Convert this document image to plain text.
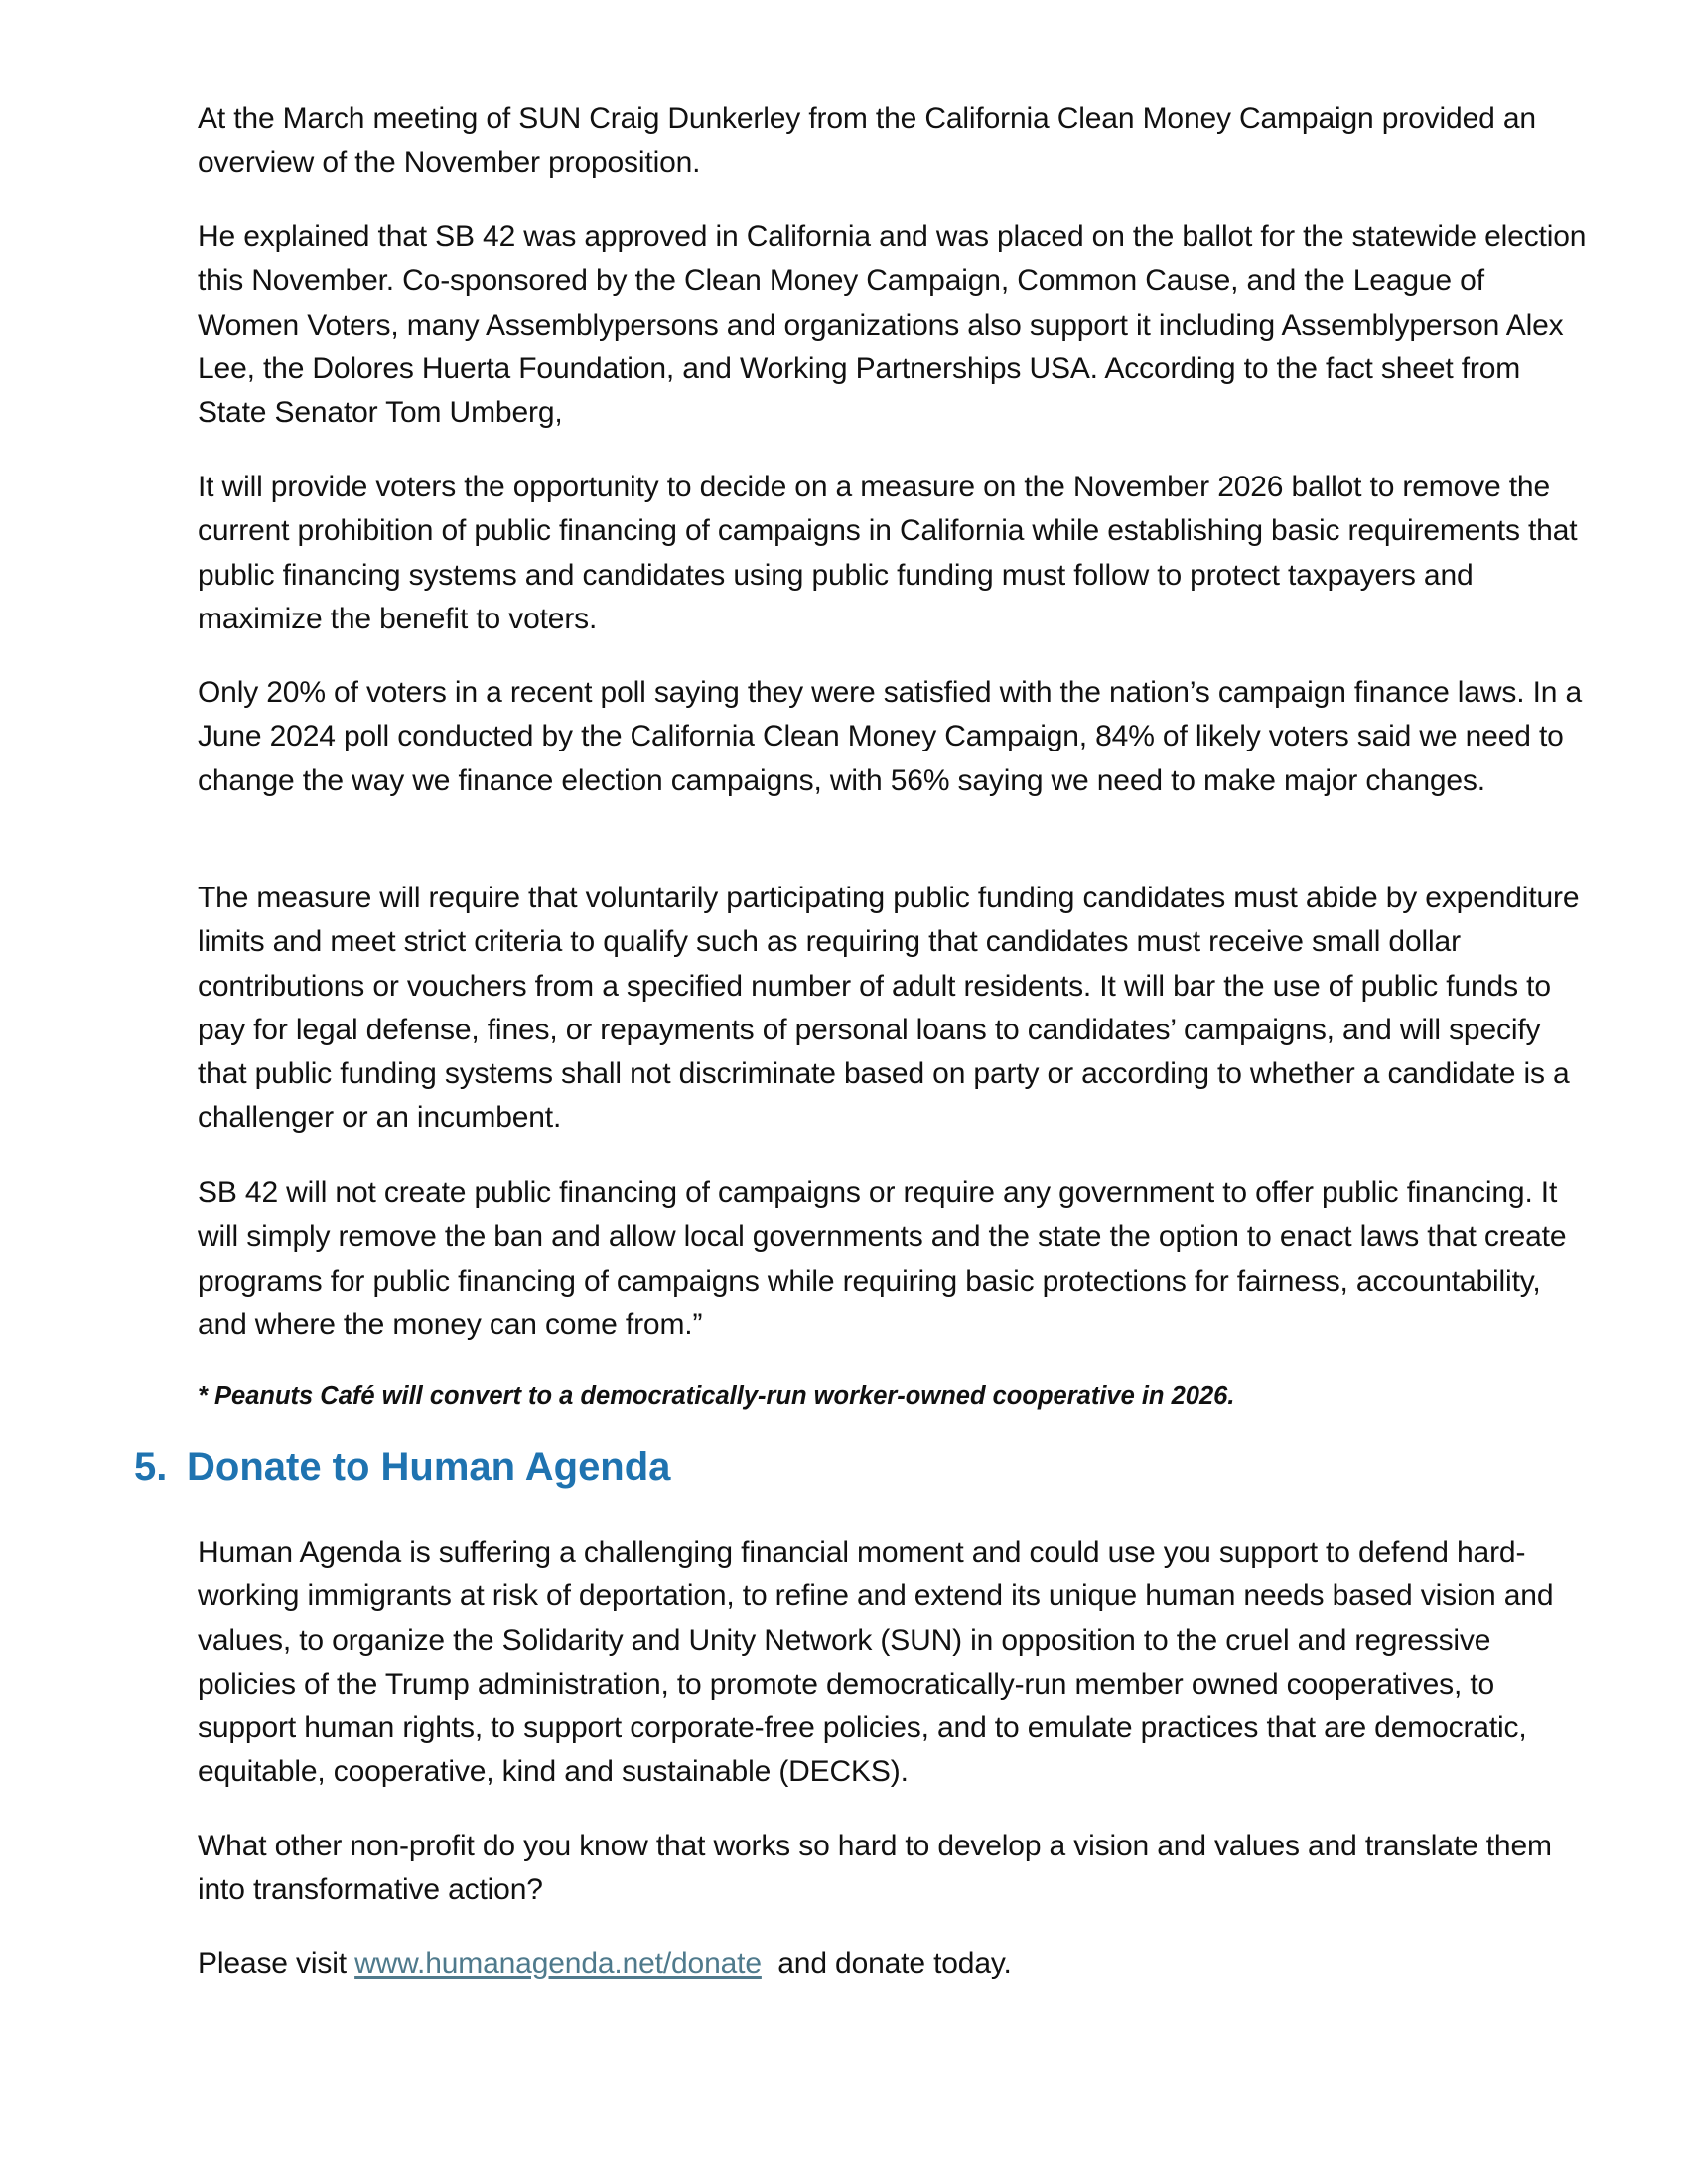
At the March meeting of SUN Craig Dunkerley from the California Clean Money Campaign provided an overview of the November proposition.

He explained that SB 42 was approved in California and was placed on the ballot for the statewide election this November. Co-sponsored by the Clean Money Campaign, Common Cause, and the League of Women Voters, many Assemblypersons and organizations also support it including Assemblyperson Alex Lee, the Dolores Huerta Foundation, and Working Partnerships USA. According to the fact sheet from State Senator Tom Umberg,

It will provide voters the opportunity to decide on a measure on the November 2026 ballot to remove the current prohibition of public financing of campaigns in California while establishing basic requirements that public financing systems and candidates using public funding must follow to protect taxpayers and maximize the benefit to voters.

Only 20% of voters in a recent poll saying they were satisfied with the nation’s campaign finance laws. In a June 2024 poll conducted by the California Clean Money Campaign, 84% of likely voters said we need to change the way we finance election campaigns, with 56% saying we need to make major changes.

The measure will require that voluntarily participating public funding candidates must abide by expenditure limits and meet strict criteria to qualify such as requiring that candidates must receive small dollar contributions or vouchers from a specified number of adult residents. It will bar the use of public funds to pay for legal defense, fines, or repayments of personal loans to candidates’ campaigns, and will specify that public funding systems shall not discriminate based on party or according to whether a candidate is a challenger or an incumbent.

SB 42 will not create public financing of campaigns or require any government to offer public financing. It will simply remove the ban and allow local governments and the state the option to enact laws that create programs for public financing of campaigns while requiring basic protections for fairness, accountability, and where the money can come from.”

* Peanuts Café will convert to a democratically-run worker-owned cooperative in 2026.

5. Donate to Human Agenda

Human Agenda is suffering a challenging financial moment and could use you support to defend hard-working immigrants at risk of deportation, to refine and extend its unique human needs based vision and values, to organize the Solidarity and Unity Network (SUN) in opposition to the cruel and regressive policies of the Trump administration, to promote democratically-run member owned cooperatives, to support human rights, to support corporate-free policies, and to emulate practices that are democratic, equitable, cooperative, kind and sustainable (DECKS).

What other non-profit do you know that works so hard to develop a vision and values and translate them into transformative action?

Please visit www.humanagenda.net/donate  and donate today.
